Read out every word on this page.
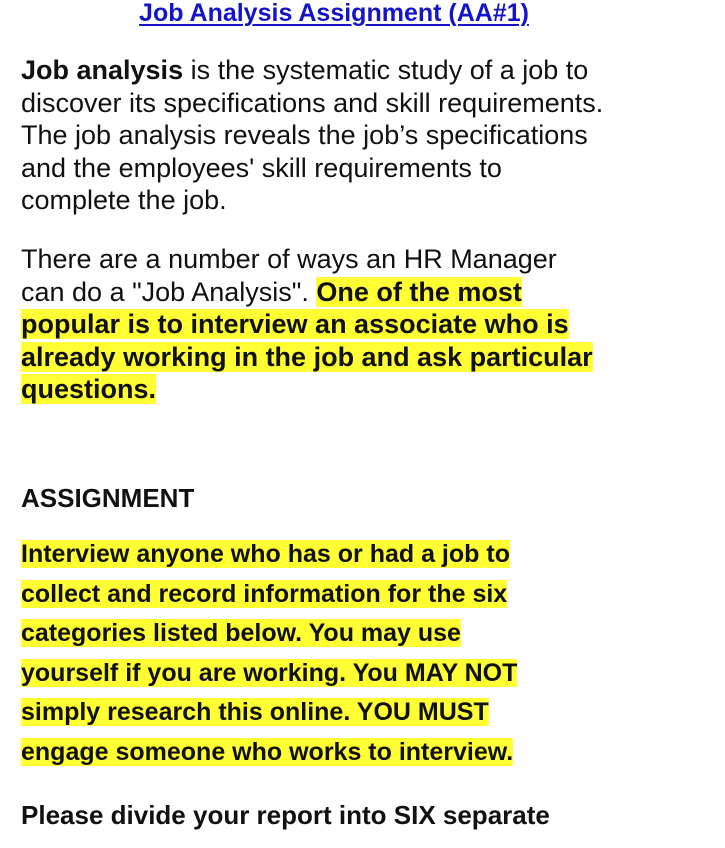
Job Analysis Assignment (AA#1)

Job analysis is the systematic study of a job to
discover its specifications and skill requirements.
The job analysis reveals the job’s specifications
and the employees' skill requirements to
complete the job.

There are a number of ways an HR Manager
can do a "Job Analysis". One of the most
popular is to interview an associate who is
already working in the job and ask particular
questions.

ASSIGNMENT

Interview anyone who has or had a job to
collect and record information for the six
categories listed below. You may use
yourself if you are working. You MAY NOT
simply research this online. YOU MUST
engage someone who works to interview.

Please divide your report into SIX separate
